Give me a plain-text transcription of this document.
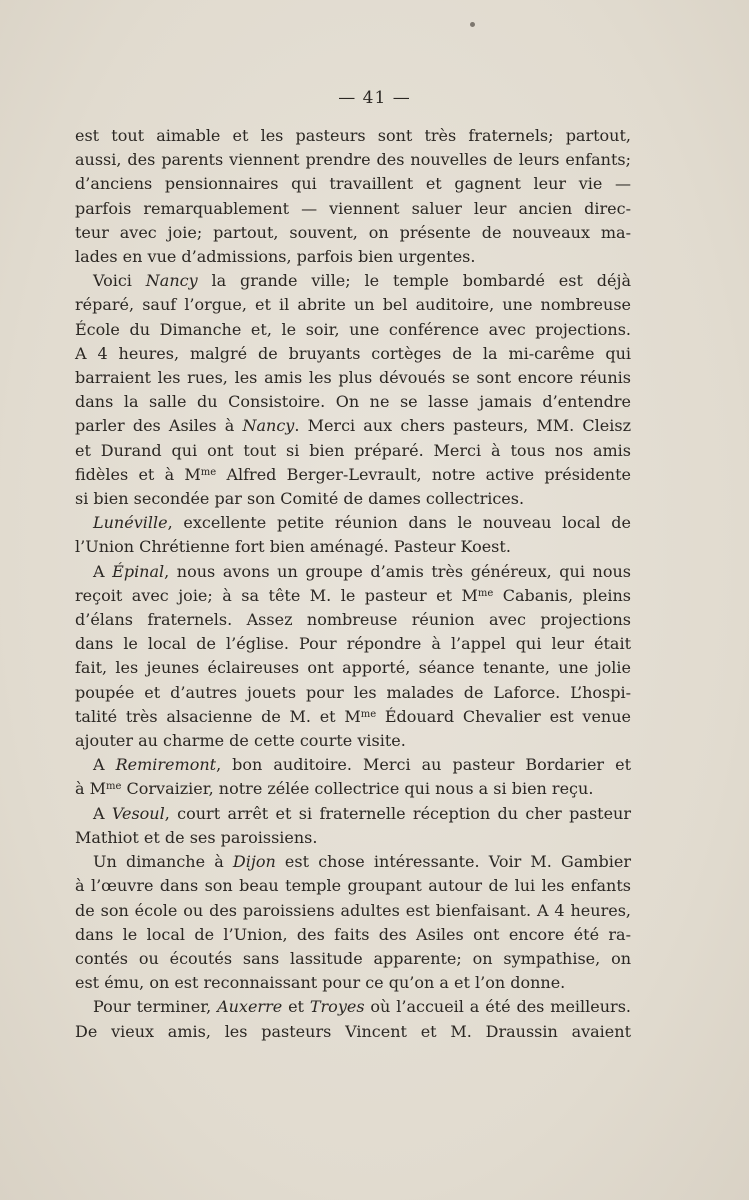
— 41 —
est tout aimable et les pasteurs sont très fraternels; partout,
aussi, des parents viennent prendre des nouvelles de leurs enfants;
d’anciens pensionnaires qui travaillent et gagnent leur vie —
parfois remarquablement — viennent saluer leur ancien direc-
teur avec joie; partout, souvent, on présente de nouveaux ma-
lades en vue d’admissions, parfois bien urgentes.
Voici Nancy la grande ville; le temple bombardé est déjà
réparé, sauf l’orgue, et il abrite un bel auditoire, une nombreuse
École du Dimanche et, le soir, une conférence avec projections.
A 4 heures, malgré de bruyants cortèges de la mi-carême qui
barraient les rues, les amis les plus dévoués se sont encore réunis
dans la salle du Consistoire. On ne se lasse jamais d’entendre
parler des Asiles à Nancy. Merci aux chers pasteurs, MM. Cleisz
et Durand qui ont tout si bien préparé. Merci à tous nos amis
fidèles et à $M^{me}$ Alfred Berger-Levrault, notre active présidente
si bien secondée par son Comité de dames collectrices.
Lunéville, excellente petite réunion dans le nouveau local de
l’Union Chrétienne fort bien aménagé. Pasteur Koest.
A Épinal, nous avons un groupe d’amis très généreux, qui nous
reçoit avec joie; à sa tête M. le pasteur et $M^{me}$ Cabanis, pleins
d’élans fraternels. Assez nombreuse réunion avec projections
dans le local de l’église. Pour répondre à l’appel qui leur était
fait, les jeunes éclaireuses ont apporté, séance tenante, une jolie
poupée et d’autres jouets pour les malades de Laforce. L’hospi-
talité très alsacienne de M. et $M^{me}$ Édouard Chevalier est venue
ajouter au charme de cette courte visite.
A Remiremont, bon auditoire. Merci au pasteur Bordarier et
à $M^{me}$ Corvaizier, notre zélée collectrice qui nous a si bien reçu.
A Vesoul, court arrêt et si fraternelle réception du cher pasteur
Mathiot et de ses paroissiens.
Un dimanche à Dijon est chose intéressante. Voir M. Gambier
à l’œuvre dans son beau temple groupant autour de lui les enfants
de son école ou des paroissiens adultes est bienfaisant. A 4 heures,
dans le local de l’Union, des faits des Asiles ont encore été ra-
contés ou écoutés sans lassitude apparente; on sympathise, on
est ému, on est reconnaissant pour ce qu’on a et l’on donne.
Pour terminer, Auxerre et Troyes où l’accueil a été des meilleurs.
De vieux amis, les pasteurs Vincent et M. Draussin avaient
